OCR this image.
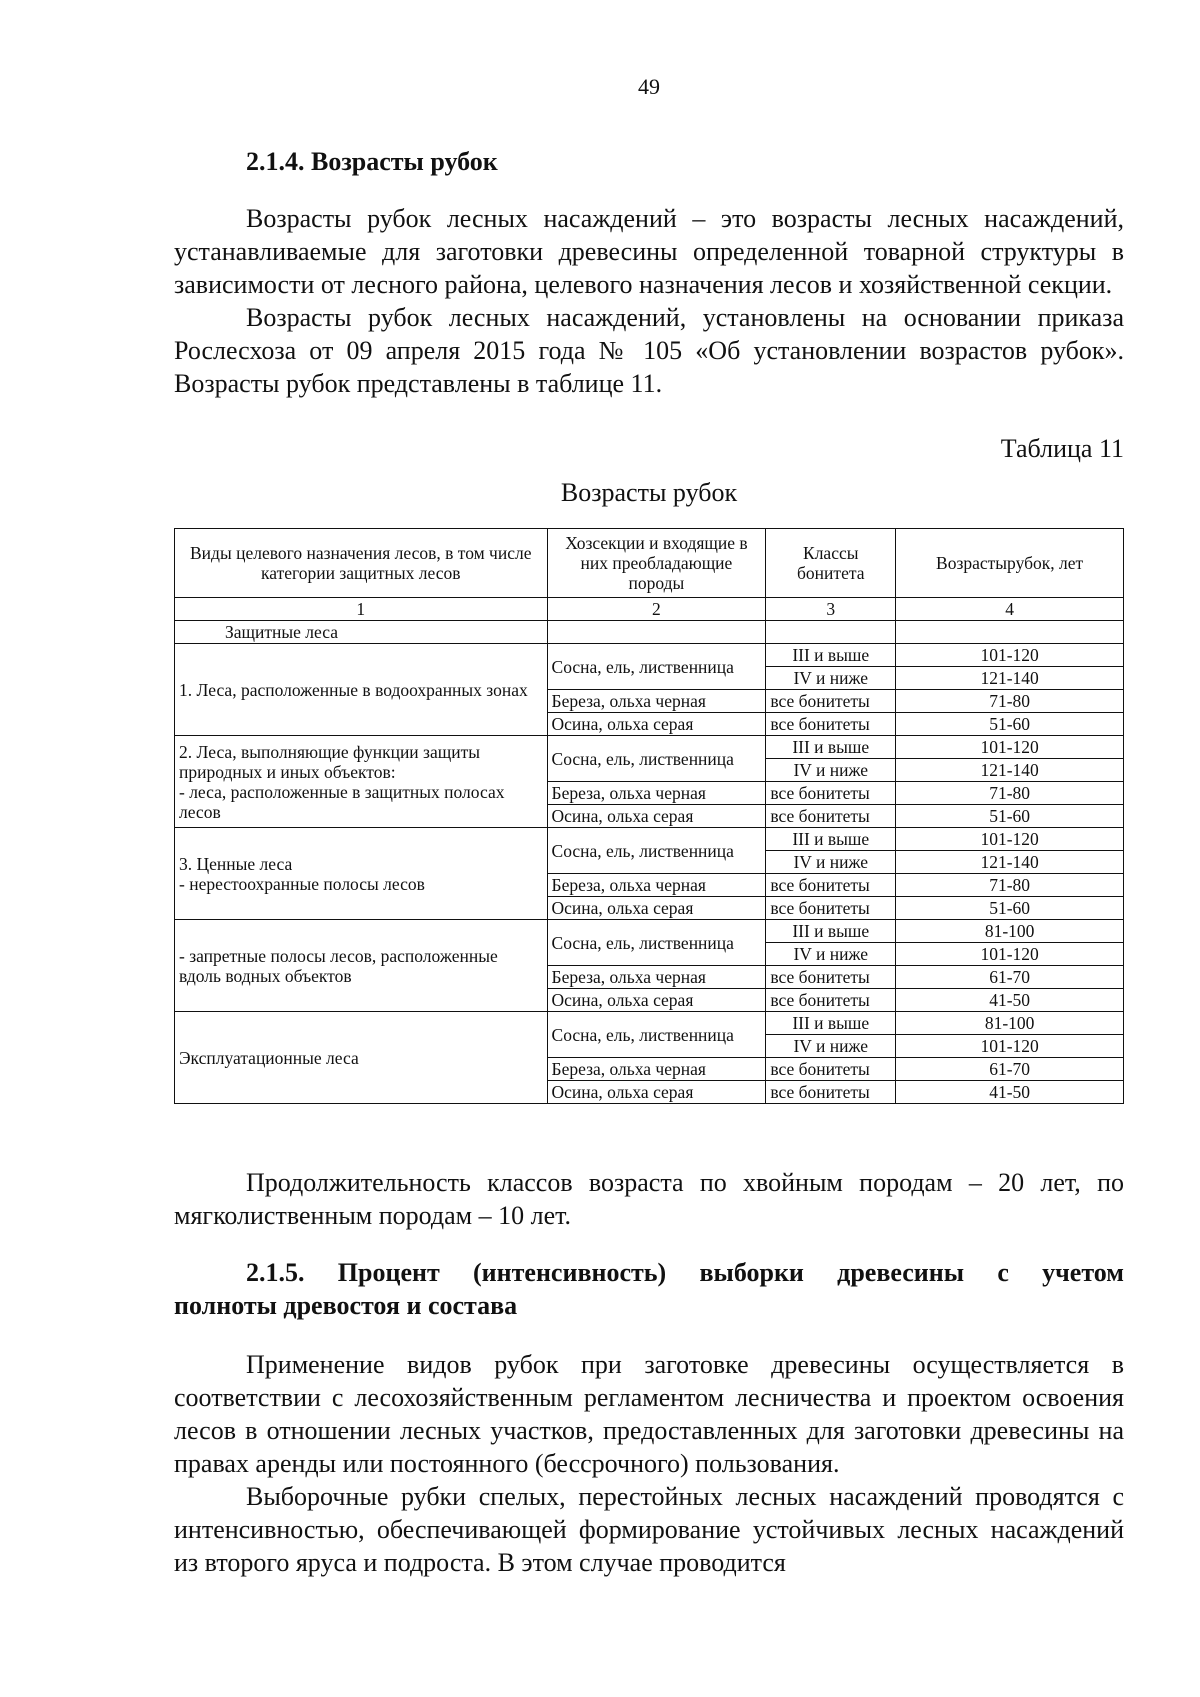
49
2.1.4. Возрасты рубок

Возрасты рубок лесных насаждений – это возрасты лесных насаждений, устанавливаемые для заготовки древесины определенной товарной структуры в зависимости от лесного района, целевого назначения лесов и хозяйственной секции.

Возрасты рубок лесных насаждений, установлены на основании приказа Рослесхоза от 09 апреля 2015 года № 105 «Об установлении возрастов рубок». Возрасты рубок представлены в таблице 11.

Таблица 11
Возрасты рубок
Виды целевого назначения лесов, в том числе категории защитных лесов	Хозсекции и входящие в них преобладающие породы	Классы бонитета	Возрастырубок, лет
1	2	3	4
Защитные леса			
1. Леса, расположенные в водоохранных зонах	Сосна, ель, лиственница	III и выше	101-120
		IV и ниже	121-140
	Береза, ольха черная	все бонитеты	71-80
	Осина, ольха серая	все бонитеты	51-60
2. Леса, выполняющие функции защиты природных и иных объектов:
- леса, расположенные в защитных полосах лесов	Сосна, ель, лиственница	III и выше	101-120
		IV и ниже	121-140
	Береза, ольха черная	все бонитеты	71-80
	Осина, ольха серая	все бонитеты	51-60
3. Ценные леса
- нерестоохранные полосы лесов	Сосна, ель, лиственница	III и выше	101-120
		IV и ниже	121-140
	Береза, ольха черная	все бонитеты	71-80
	Осина, ольха серая	все бонитеты	51-60
- запретные полосы лесов, расположенные вдоль водных объектов	Сосна, ель, лиственница	III и выше	81-100
		IV и ниже	101-120
	Береза, ольха черная	все бонитеты	61-70
	Осина, ольха серая	все бонитеты	41-50
Эксплуатационные леса	Сосна, ель, лиственница	III и выше	81-100
		IV и ниже	101-120
	Береза, ольха черная	все бонитеты	61-70
	Осина, ольха серая	все бонитеты	41-50

Продолжительность классов возраста по хвойным породам – 20 лет, по мягколиственным породам – 10 лет.

2.1.5. Процент (интенсивность) выборки древесины с учетом
полноты древостоя и состава

Применение видов рубок при заготовке древесины осуществляется в соответствии с лесохозяйственным регламентом лесничества и проектом освоения лесов в отношении лесных участков, предоставленных для заготовки древесины на правах аренды или постоянного (бессрочного) пользования.

Выборочные рубки спелых, перестойных лесных насаждений проводятся с интенсивностью, обеспечивающей формирование устойчивых лесных насаждений из второго яруса и подроста. В этом случае проводится
